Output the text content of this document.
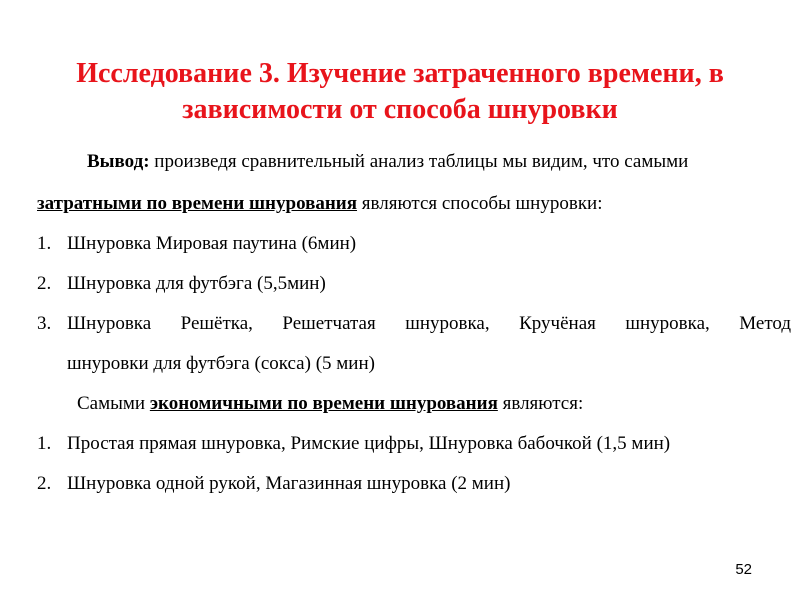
Исследование 3. Изучение затраченного времени, в
зависимости от способа шнуровки
Вывод: произведя сравнительный анализ таблицы мы видим, что самыми
затратными по времени шнурования являются способы шнуровки:
1. Шнуровка Мировая паутина (6мин)
2. Шнуровка для футбэга (5,5мин)
3. Шнуровка Решётка, Решетчатая шнуровка, Кручёная шнуровка, Метод
шнуровки для футбэга (сокса) (5 мин)
Самыми экономичными по времени шнурования являются:
1. Простая прямая шнуровка, Римские цифры, Шнуровка бабочкой (1,5 мин)
2. Шнуровка одной рукой, Магазинная шнуровка (2 мин)
52
